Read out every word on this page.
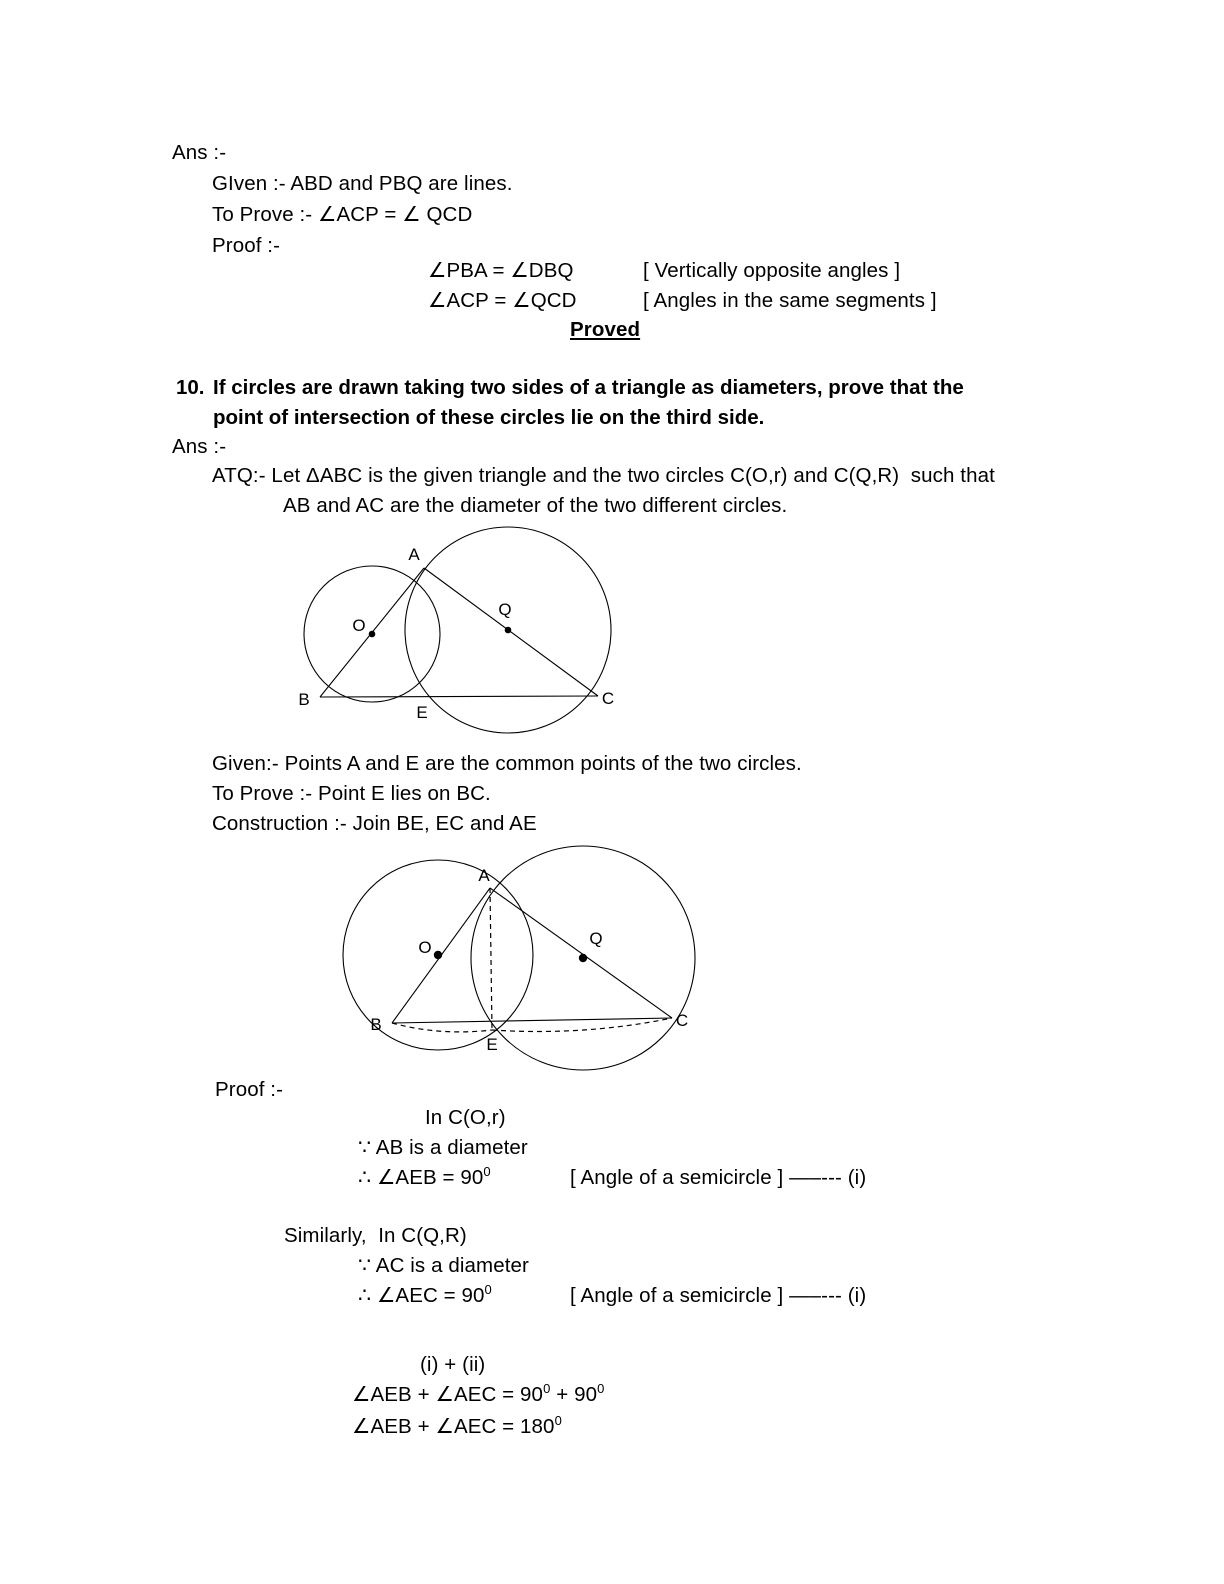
Ans :-
GIven :- ABD and PBQ are lines.
To Prove :- ∠ACP = ∠ QCD
Proof :-
∠PBA = ∠DBQ	[ Vertically opposite angles ]
∠ACP = ∠QCD	[ Angles in the same segments ]
Proved
10. If circles are drawn taking two sides of a triangle as diameters, prove that the
point of intersection of these circles lie on the third side.
Ans :-
ATQ:- Let ΔABC is the given triangle and the two circles C(O,r) and C(Q,R)  such that
AB and AC are the diameter of the two different circles.
A
B	C
E
O
Q
Given:- Points A and E are the common points of the two circles.
To Prove :- Point E lies on BC.
Construction :- Join BE, EC and AE
A
B	C
E
O	Q
Proof :-
In C(O,r)
∵ AB is a diameter
∴ ∠AEB = $90^0$	[ Angle of a semicircle ] —–--- (i)
Similarly,  In C(Q,R)
∵ AC is a diameter
∴ ∠AEC = $90^0$	[ Angle of a semicircle ] —–--- (i)
(i) + (ii)
∠AEB + ∠AEC = $90^0 + 90^0$
∠AEB + ∠AEC = $180^0$
